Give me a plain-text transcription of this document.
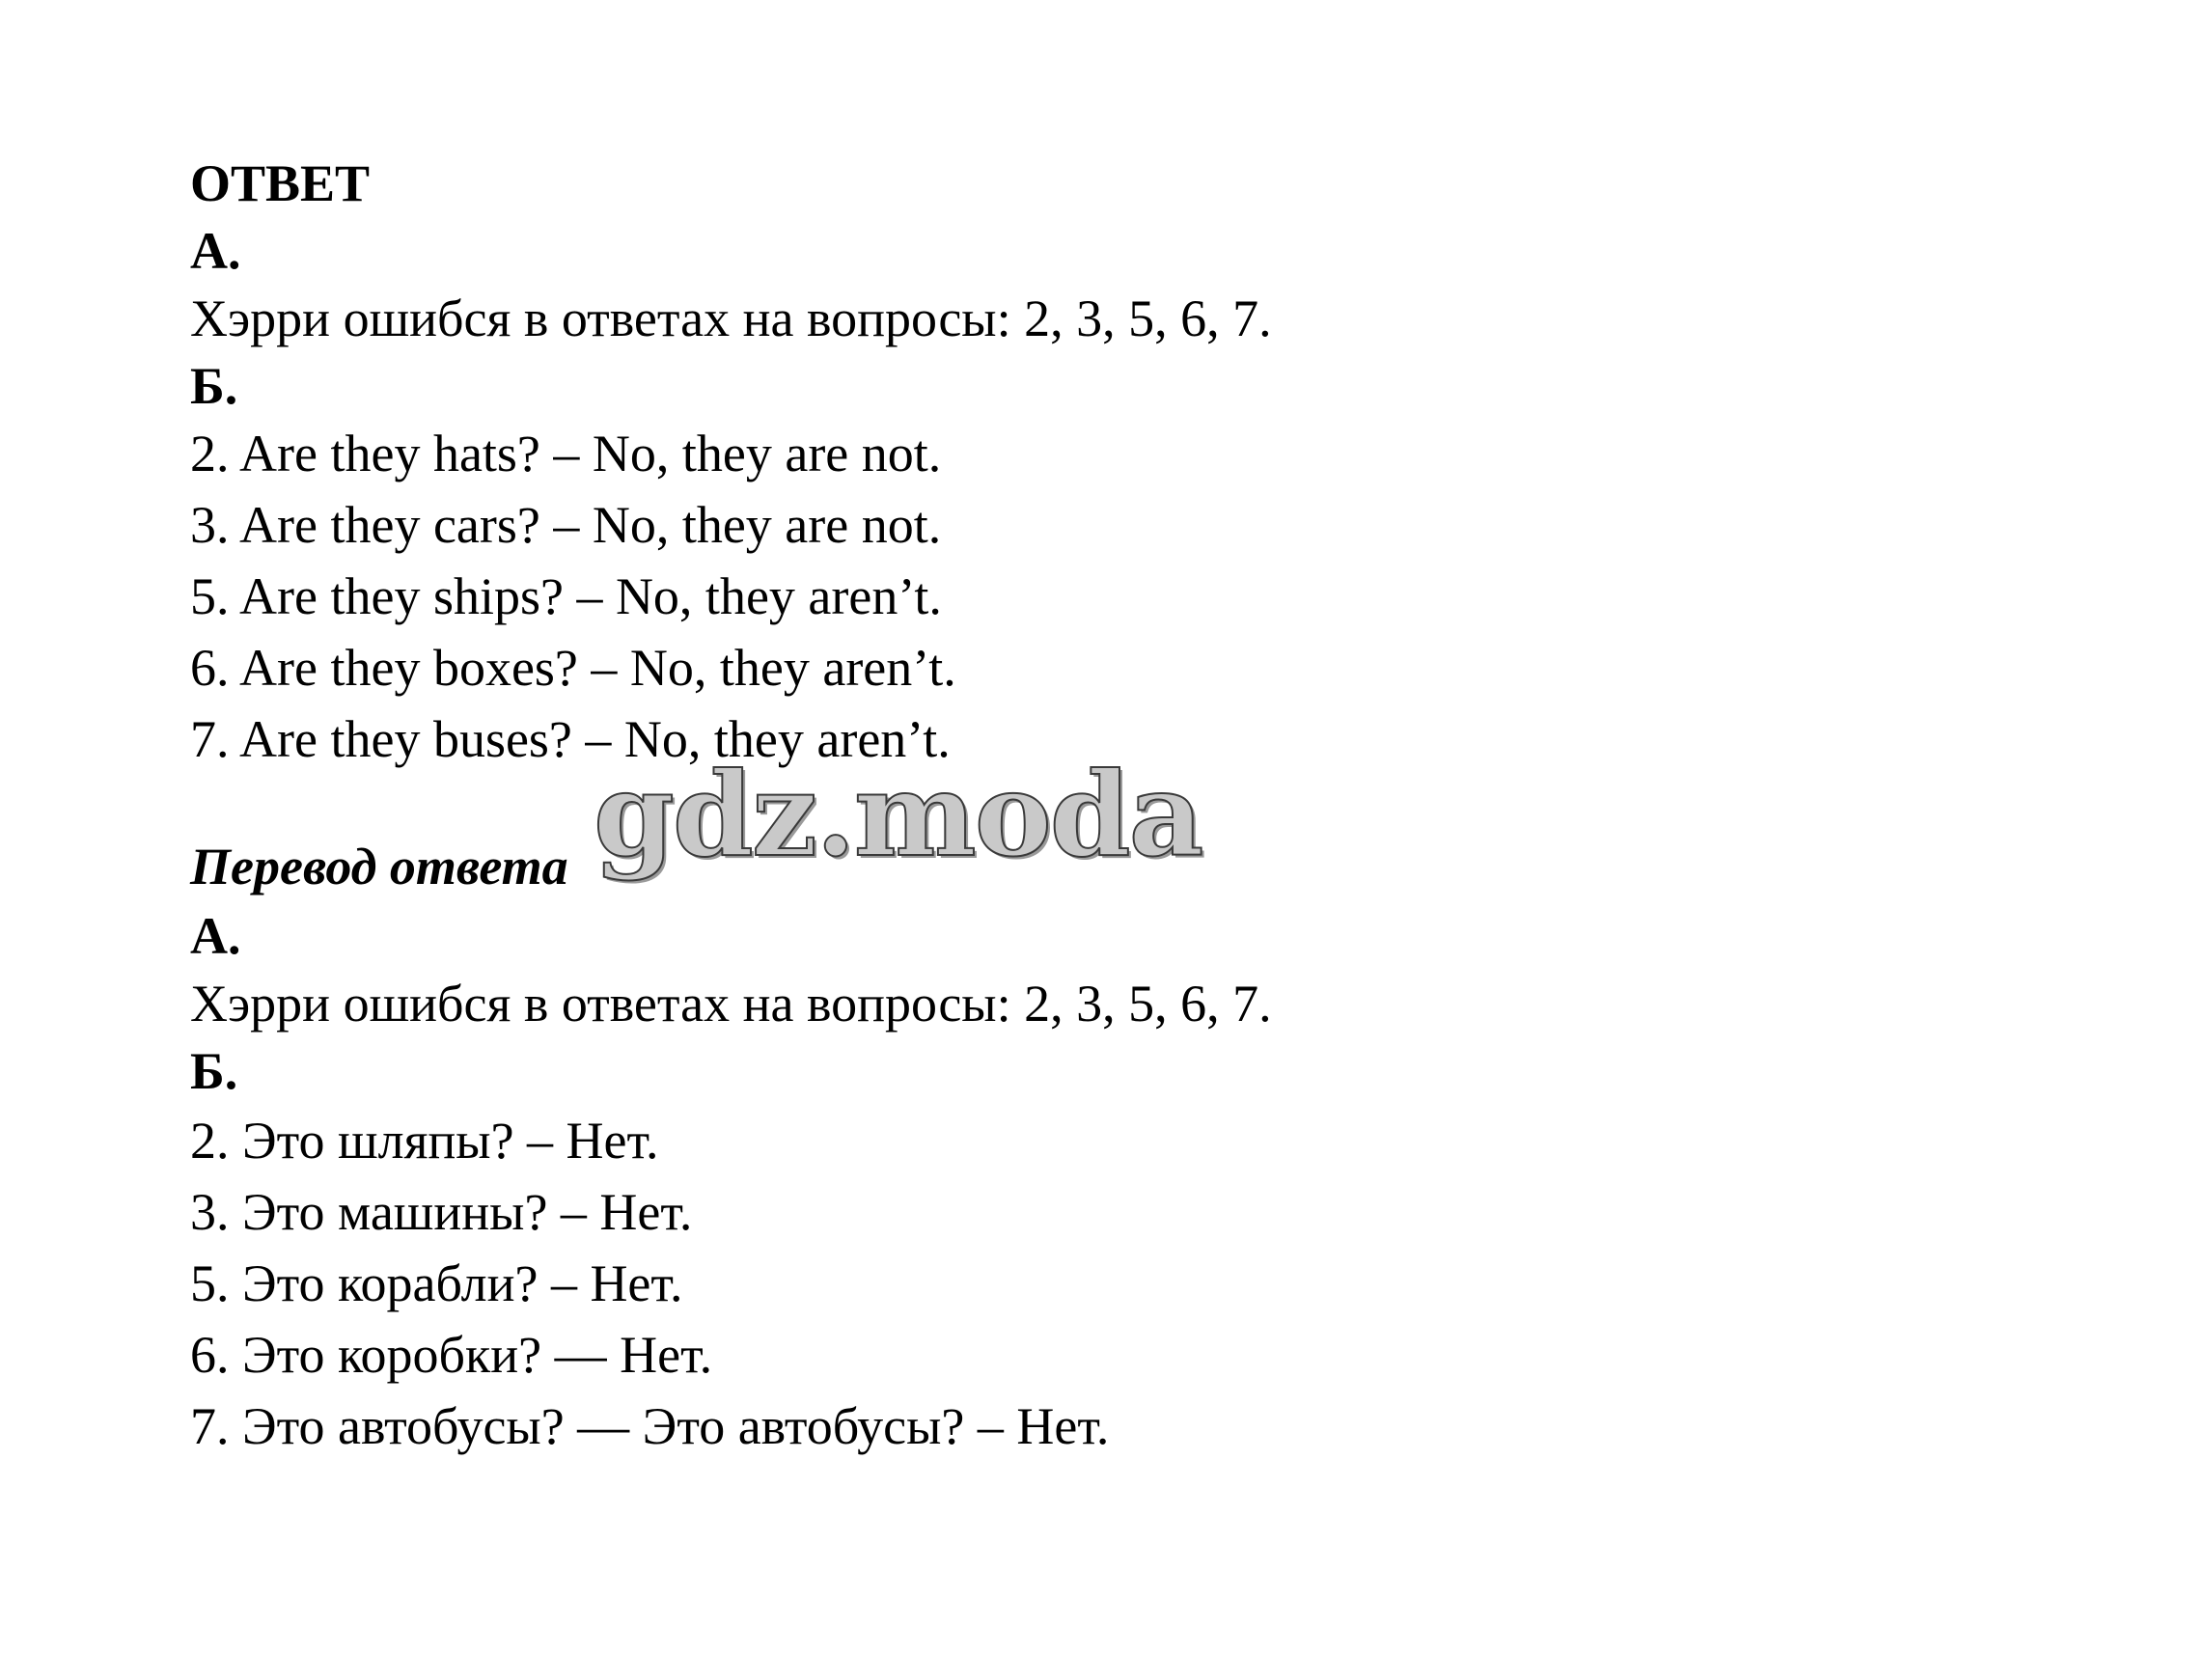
ОТВЕТ
А.
Хэрри ошибся в ответах на вопросы: 2, 3, 5, 6, 7.
Б.
2. Are they hats? – No, they are not.
3. Are they cars? – No, they are not.
5. Are they ships? – No, they aren’t.
6. Are they boxes? – No, they aren’t.
7. Are they buses? – No, they aren’t.
Перевод ответа
А.
Хэрри ошибся в ответах на вопросы: 2, 3, 5, 6, 7.
Б.
2. Это шляпы? – Нет.
3. Это машины? – Нет.
5. Это корабли? – Нет.
6. Это коробки? — Нет.
7. Это автобусы? — Это автобусы? – Нет.
gdz.moda
